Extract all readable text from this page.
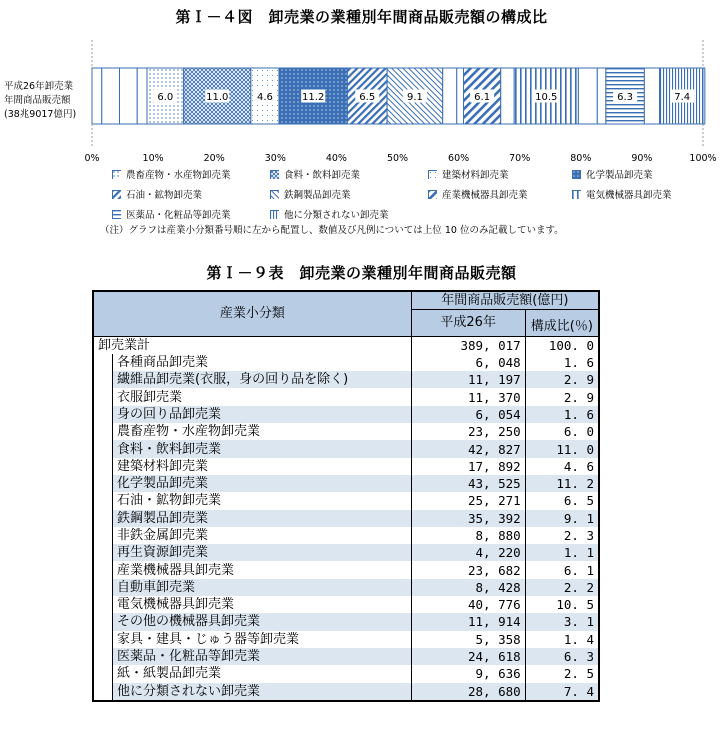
第Ｉ－４図　卸売業の業種別年間商品販売額の構成比
6.0	11.0	4.6	11.2	6.5	9.1	6.1	10.5	6.3	7.4
0%	10%	20%	30%	40%	50%	60%	70%	80%	90%	100%
平成26年卸売業
年間商品販売額
(38兆9017億円)
農畜産物・水産物卸売業	食料・飲料卸売業	建築材料卸売業	化学製品卸売業
石油・鉱物卸売業	鉄鋼製品卸売業	産業機械器具卸売業	電気機械器具卸売業
医薬品・化粧品等卸売業	他に分類されない卸売業
（注）グラフは産業小分類番号順に左から配置し、数値及び凡例については上位 10 位のみ記載しています。
第Ｉ－９表　卸売業の業種別年間商品販売額
産業小分類		年間商品販売額(億円)	
		平成26年	
			構成比(％)
卸売業計		389, 017	100. 0
	各種商品卸売業	6, 048	1. 6
	繊維品卸売業(衣服，身の回り品を除く)	11, 197	2. 9
	衣服卸売業	11, 370	2. 9
	身の回り品卸売業	6, 054	1. 6
	農畜産物・水産物卸売業	23, 250	6. 0
	食料・飲料卸売業	42, 827	11. 0
	建築材料卸売業	17, 892	4. 6
	化学製品卸売業	43, 525	11. 2
	石油・鉱物卸売業	25, 271	6. 5
	鉄鋼製品卸売業	35, 392	9. 1
	非鉄金属卸売業	8, 880	2. 3
	再生資源卸売業	4, 220	1. 1
	産業機械器具卸売業	23, 682	6. 1
	自動車卸売業	8, 428	2. 2
	電気機械器具卸売業	40, 776	10. 5
	その他の機械器具卸売業	11, 914	3. 1
	家具・建具・じゅう器等卸売業	5, 358	1. 4
	医薬品・化粧品等卸売業	24, 618	6. 3
	紙・紙製品卸売業	9, 636	2. 5
	他に分類されない卸売業	28, 680	7. 4
